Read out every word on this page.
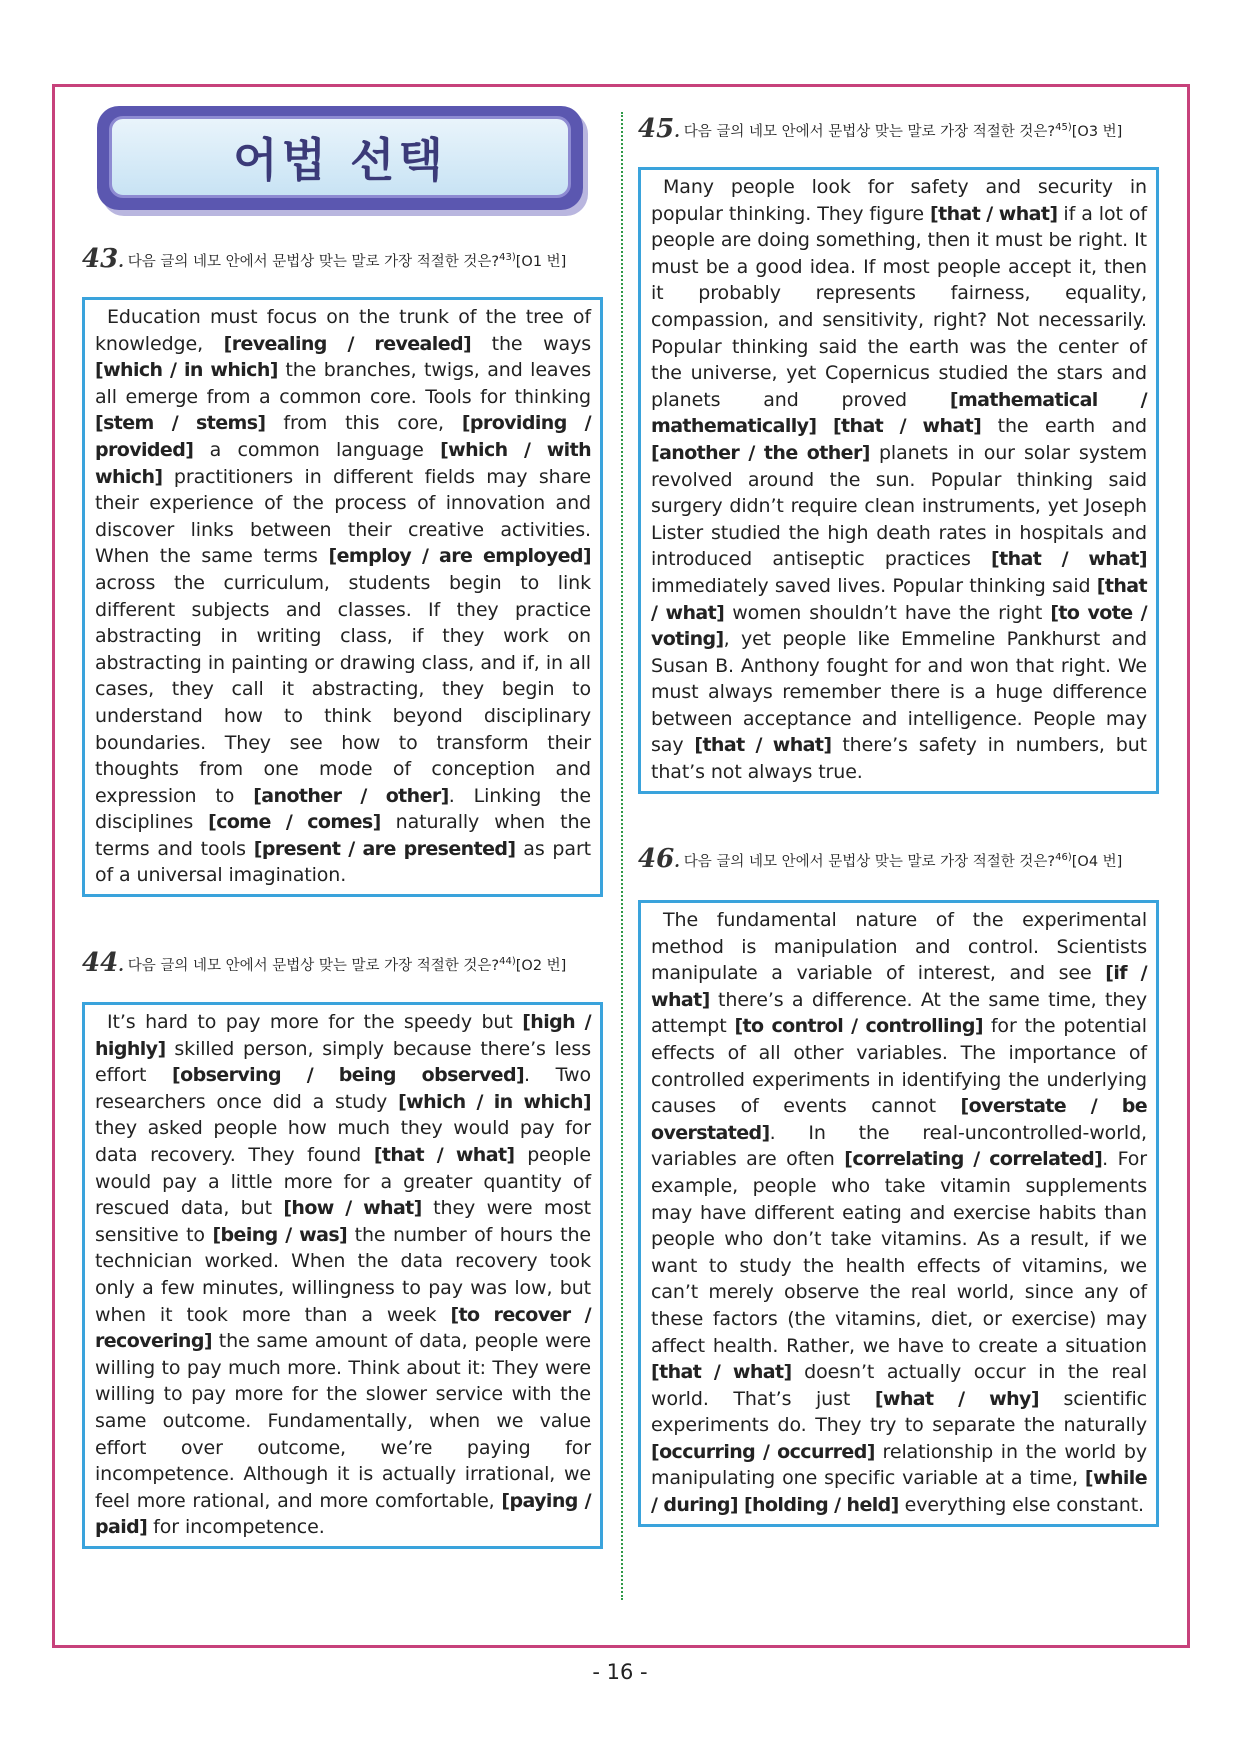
어법 선택
43. 다음 글의 네모 안에서 문법상 맞는 말로 가장 적절한 것은?$^{43)}$[O1 번]
Education must focus on the trunk of the tree of knowledge, [revealing / revealed] the ways [which / in which] the branches, twigs, and leaves all emerge from a common core. Tools for thinking [stem / stems] from this core, [providing / provided] a common language [which / with which] practitioners in different fields may share their experience of the process of innovation and discover links between their creative activities. When the same terms [employ / are employed] across the curriculum, students begin to link different subjects and classes. If they practice abstracting in writing class, if they work on abstracting in painting or drawing class, and if, in all cases, they call it abstracting, they begin to understand how to think beyond disciplinary boundaries. They see how to transform their thoughts from one mode of conception and expression to [another / other]. Linking the disciplines [come / comes] naturally when the terms and tools [present / are presented] as part of a universal imagination.
44. 다음 글의 네모 안에서 문법상 맞는 말로 가장 적절한 것은?$^{44)}$[O2 번]
It’s hard to pay more for the speedy but [high / highly] skilled person, simply because there’s less effort [observing / being observed]. Two researchers once did a study [which / in which] they asked people how much they would pay for data recovery. They found [that / what] people would pay a little more for a greater quantity of rescued data, but [how / what] they were most sensitive to [being / was] the number of hours the technician worked. When the data recovery took only a few minutes, willingness to pay was low, but when it took more than a week [to recover / recovering] the same amount of data, people were willing to pay much more. Think about it: They were willing to pay more for the slower service with the same outcome. Fundamentally, when we value effort over outcome, we’re paying for incompetence. Although it is actually irrational, we feel more rational, and more comfortable, [paying / paid] for incompetence.
45. 다음 글의 네모 안에서 문법상 맞는 말로 가장 적절한 것은?$^{45)}$[O3 번]
Many people look for safety and security in popular thinking. They figure [that / what] if a lot of people are doing something, then it must be right. It must be a good idea. If most people accept it, then it probably represents fairness, equality, compassion, and sensitivity, right? Not necessarily. Popular thinking said the earth was the center of the universe, yet Copernicus studied the stars and planets and proved [mathematical / mathematically] [that / what] the earth and [another / the other] planets in our solar system revolved around the sun. Popular thinking said surgery didn’t require clean instruments, yet Joseph Lister studied the high death rates in hospitals and introduced antiseptic practices [that / what] immediately saved lives. Popular thinking said [that / what] women shouldn’t have the right [to vote / voting], yet people like Emmeline Pankhurst and Susan B. Anthony fought for and won that right. We must always remember there is a huge difference between acceptance and intelligence. People may say [that / what] there’s safety in numbers, but that’s not always true.
46. 다음 글의 네모 안에서 문법상 맞는 말로 가장 적절한 것은?$^{46)}$[O4 번]
The fundamental nature of the experimental method is manipulation and control. Scientists manipulate a variable of interest, and see [if / what] there’s a difference. At the same time, they attempt [to control / controlling] for the potential effects of all other variables. The importance of controlled experiments in identifying the underlying causes of events cannot [overstate / be overstated]. In the real-uncontrolled-world, variables are often [correlating / correlated]. For example, people who take vitamin supplements may have different eating and exercise habits than people who don’t take vitamins. As a result, if we want to study the health effects of vitamins, we can’t merely observe the real world, since any of these factors (the vitamins, diet, or exercise) may affect health. Rather, we have to create a situation [that / what] doesn’t actually occur in the real world. That’s just [what / why] scientific experiments do. They try to separate the naturally [occurring / occurred] relationship in the world by manipulating one specific variable at a time, [while / during] [holding / held] everything else constant.
- 16 -
